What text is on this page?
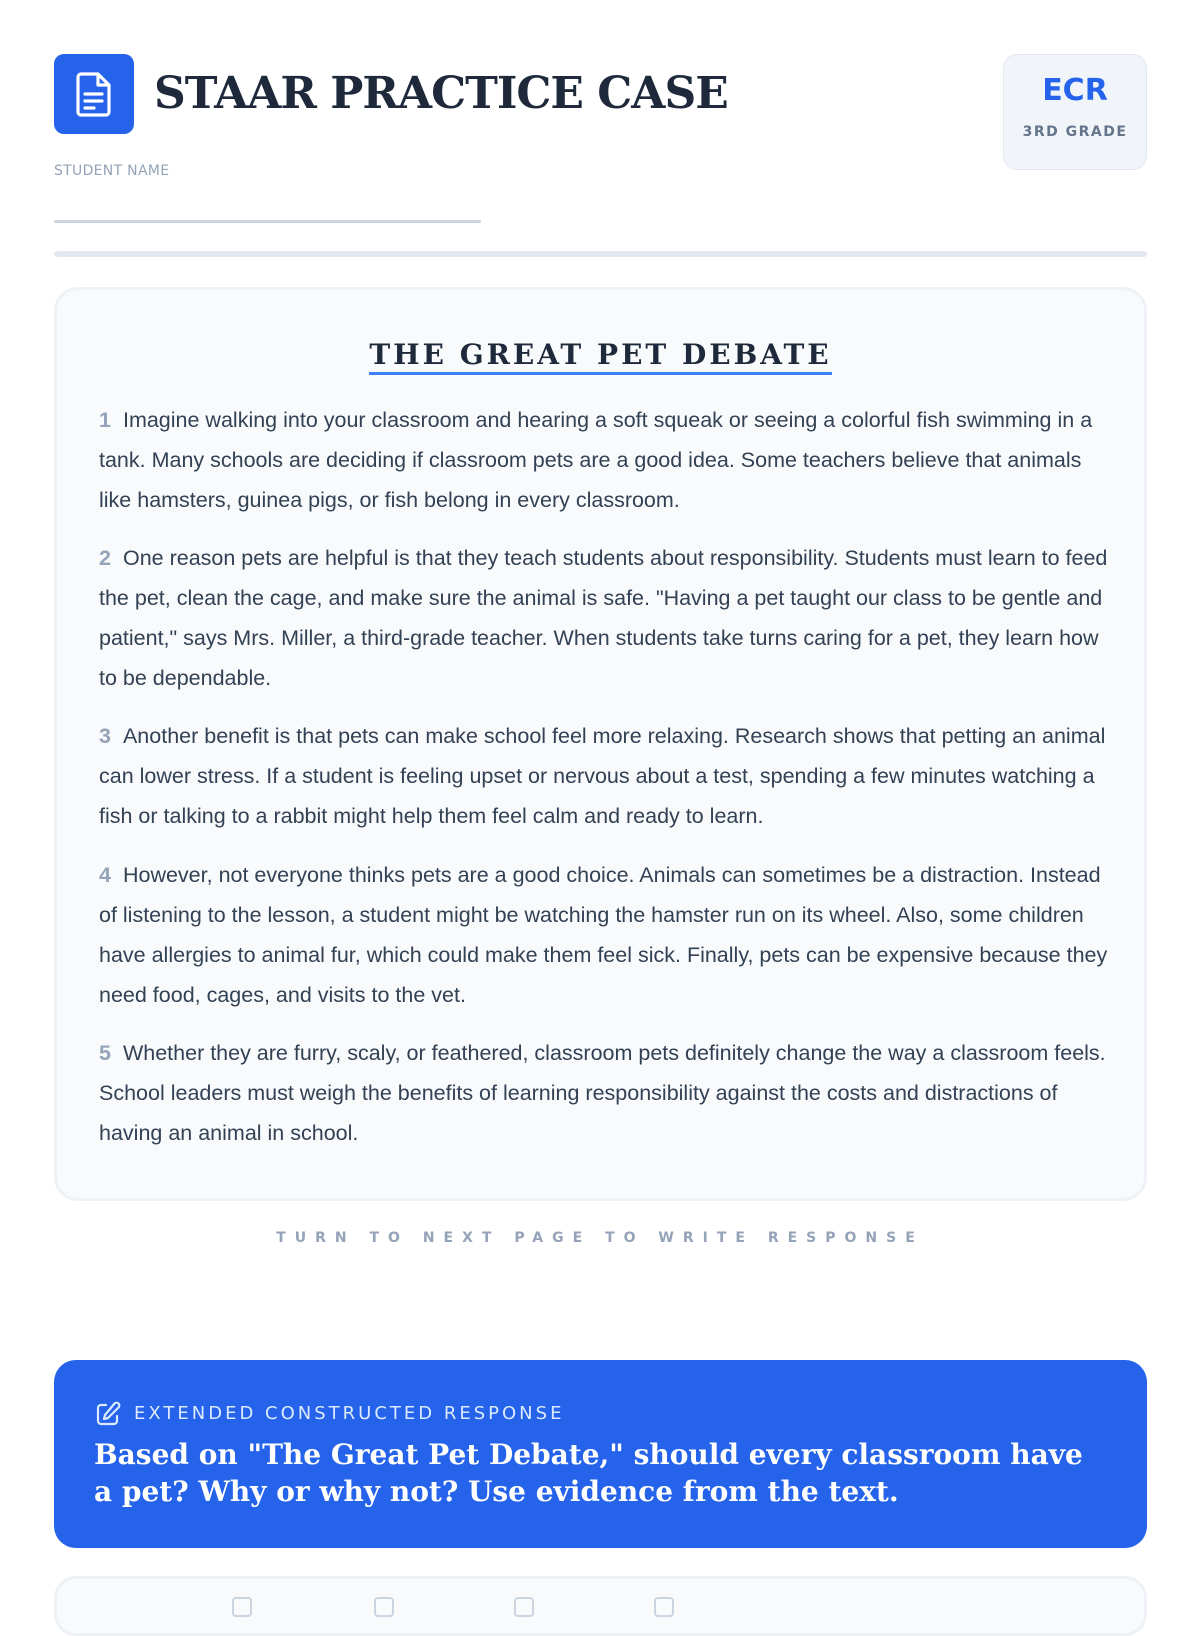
STAAR PRACTICE CASE	ECR
3RD GRADE
STUDENT NAME
THE GREAT PET DEBATE
1 Imagine walking into your classroom and hearing a soft squeak or seeing a colorful fish swimming in a tank. Many schools are deciding if classroom pets are a good idea. Some teachers believe that animals like hamsters, guinea pigs, or fish belong in every classroom.
2 One reason pets are helpful is that they teach students about responsibility. Students must learn to feed the pet, clean the cage, and make sure the animal is safe. "Having a pet taught our class to be gentle and patient," says Mrs. Miller, a third-grade teacher. When students take turns caring for a pet, they learn how to be dependable.
3 Another benefit is that pets can make school feel more relaxing. Research shows that petting an animal can lower stress. If a student is feeling upset or nervous about a test, spending a few minutes watching a fish or talking to a rabbit might help them feel calm and ready to learn.
4 However, not everyone thinks pets are a good choice. Animals can sometimes be a distraction. Instead of listening to the lesson, a student might be watching the hamster run on its wheel. Also, some children have allergies to animal fur, which could make them feel sick. Finally, pets can be expensive because they need food, cages, and visits to the vet.
5 Whether they are furry, scaly, or feathered, classroom pets definitely change the way a classroom feels. School leaders must weigh the benefits of learning responsibility against the costs and distractions of having an animal in school.
TURN TO NEXT PAGE TO WRITE RESPONSE
EXTENDED CONSTRUCTED RESPONSE
Based on "The Great Pet Debate," should every classroom have a pet? Why or why not? Use evidence from the text.
